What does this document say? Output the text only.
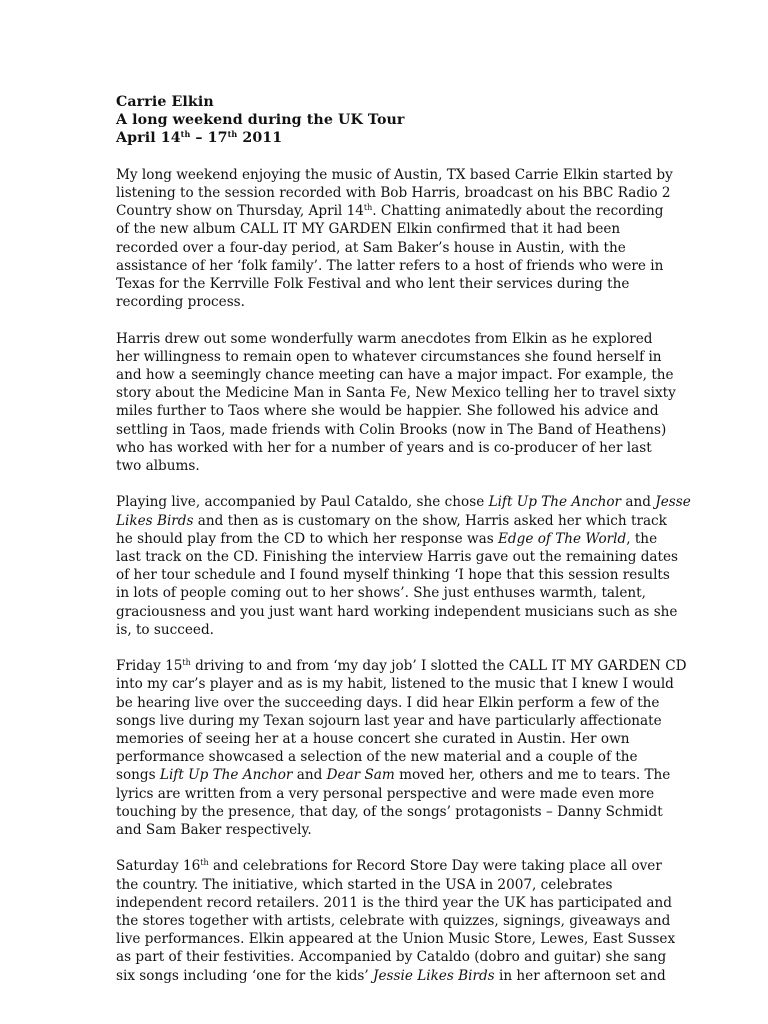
Carrie Elkin
A long weekend during the UK Tour
April 14th – 17th 2011

My long weekend enjoying the music of Austin, TX based Carrie Elkin started by
listening to the session recorded with Bob Harris, broadcast on his BBC Radio 2
Country show on Thursday, April 14th. Chatting animatedly about the recording
of the new album CALL IT MY GARDEN Elkin confirmed that it had been
recorded over a four-day period, at Sam Baker’s house in Austin, with the
assistance of her ‘folk family’. The latter refers to a host of friends who were in
Texas for the Kerrville Folk Festival and who lent their services during the
recording process.

Harris drew out some wonderfully warm anecdotes from Elkin as he explored
her willingness to remain open to whatever circumstances she found herself in
and how a seemingly chance meeting can have a major impact. For example, the
story about the Medicine Man in Santa Fe, New Mexico telling her to travel sixty
miles further to Taos where she would be happier. She followed his advice and
settling in Taos, made friends with Colin Brooks (now in The Band of Heathens)
who has worked with her for a number of years and is co-producer of her last
two albums.

Playing live, accompanied by Paul Cataldo, she chose Lift Up The Anchor and Jesse
Likes Birds and then as is customary on the show, Harris asked her which track
he should play from the CD to which her response was Edge of The World, the
last track on the CD. Finishing the interview Harris gave out the remaining dates
of her tour schedule and I found myself thinking ‘I hope that this session results
in lots of people coming out to her shows’. She just enthuses warmth, talent,
graciousness and you just want hard working independent musicians such as she
is, to succeed.

Friday 15th driving to and from ‘my day job’ I slotted the CALL IT MY GARDEN CD
into my car’s player and as is my habit, listened to the music that I knew I would
be hearing live over the succeeding days. I did hear Elkin perform a few of the
songs live during my Texan sojourn last year and have particularly affectionate
memories of seeing her at a house concert she curated in Austin. Her own
performance showcased a selection of the new material and a couple of the
songs Lift Up The Anchor and Dear Sam moved her, others and me to tears. The
lyrics are written from a very personal perspective and were made even more
touching by the presence, that day, of the songs’ protagonists – Danny Schmidt
and Sam Baker respectively.

Saturday 16th and celebrations for Record Store Day were taking place all over
the country. The initiative, which started in the USA in 2007, celebrates
independent record retailers. 2011 is the third year the UK has participated and
the stores together with artists, celebrate with quizzes, signings, giveaways and
live performances. Elkin appeared at the Union Music Store, Lewes, East Sussex
as part of their festivities. Accompanied by Cataldo (dobro and guitar) she sang
six songs including ‘one for the kids’ Jessie Likes Birds in her afternoon set and
